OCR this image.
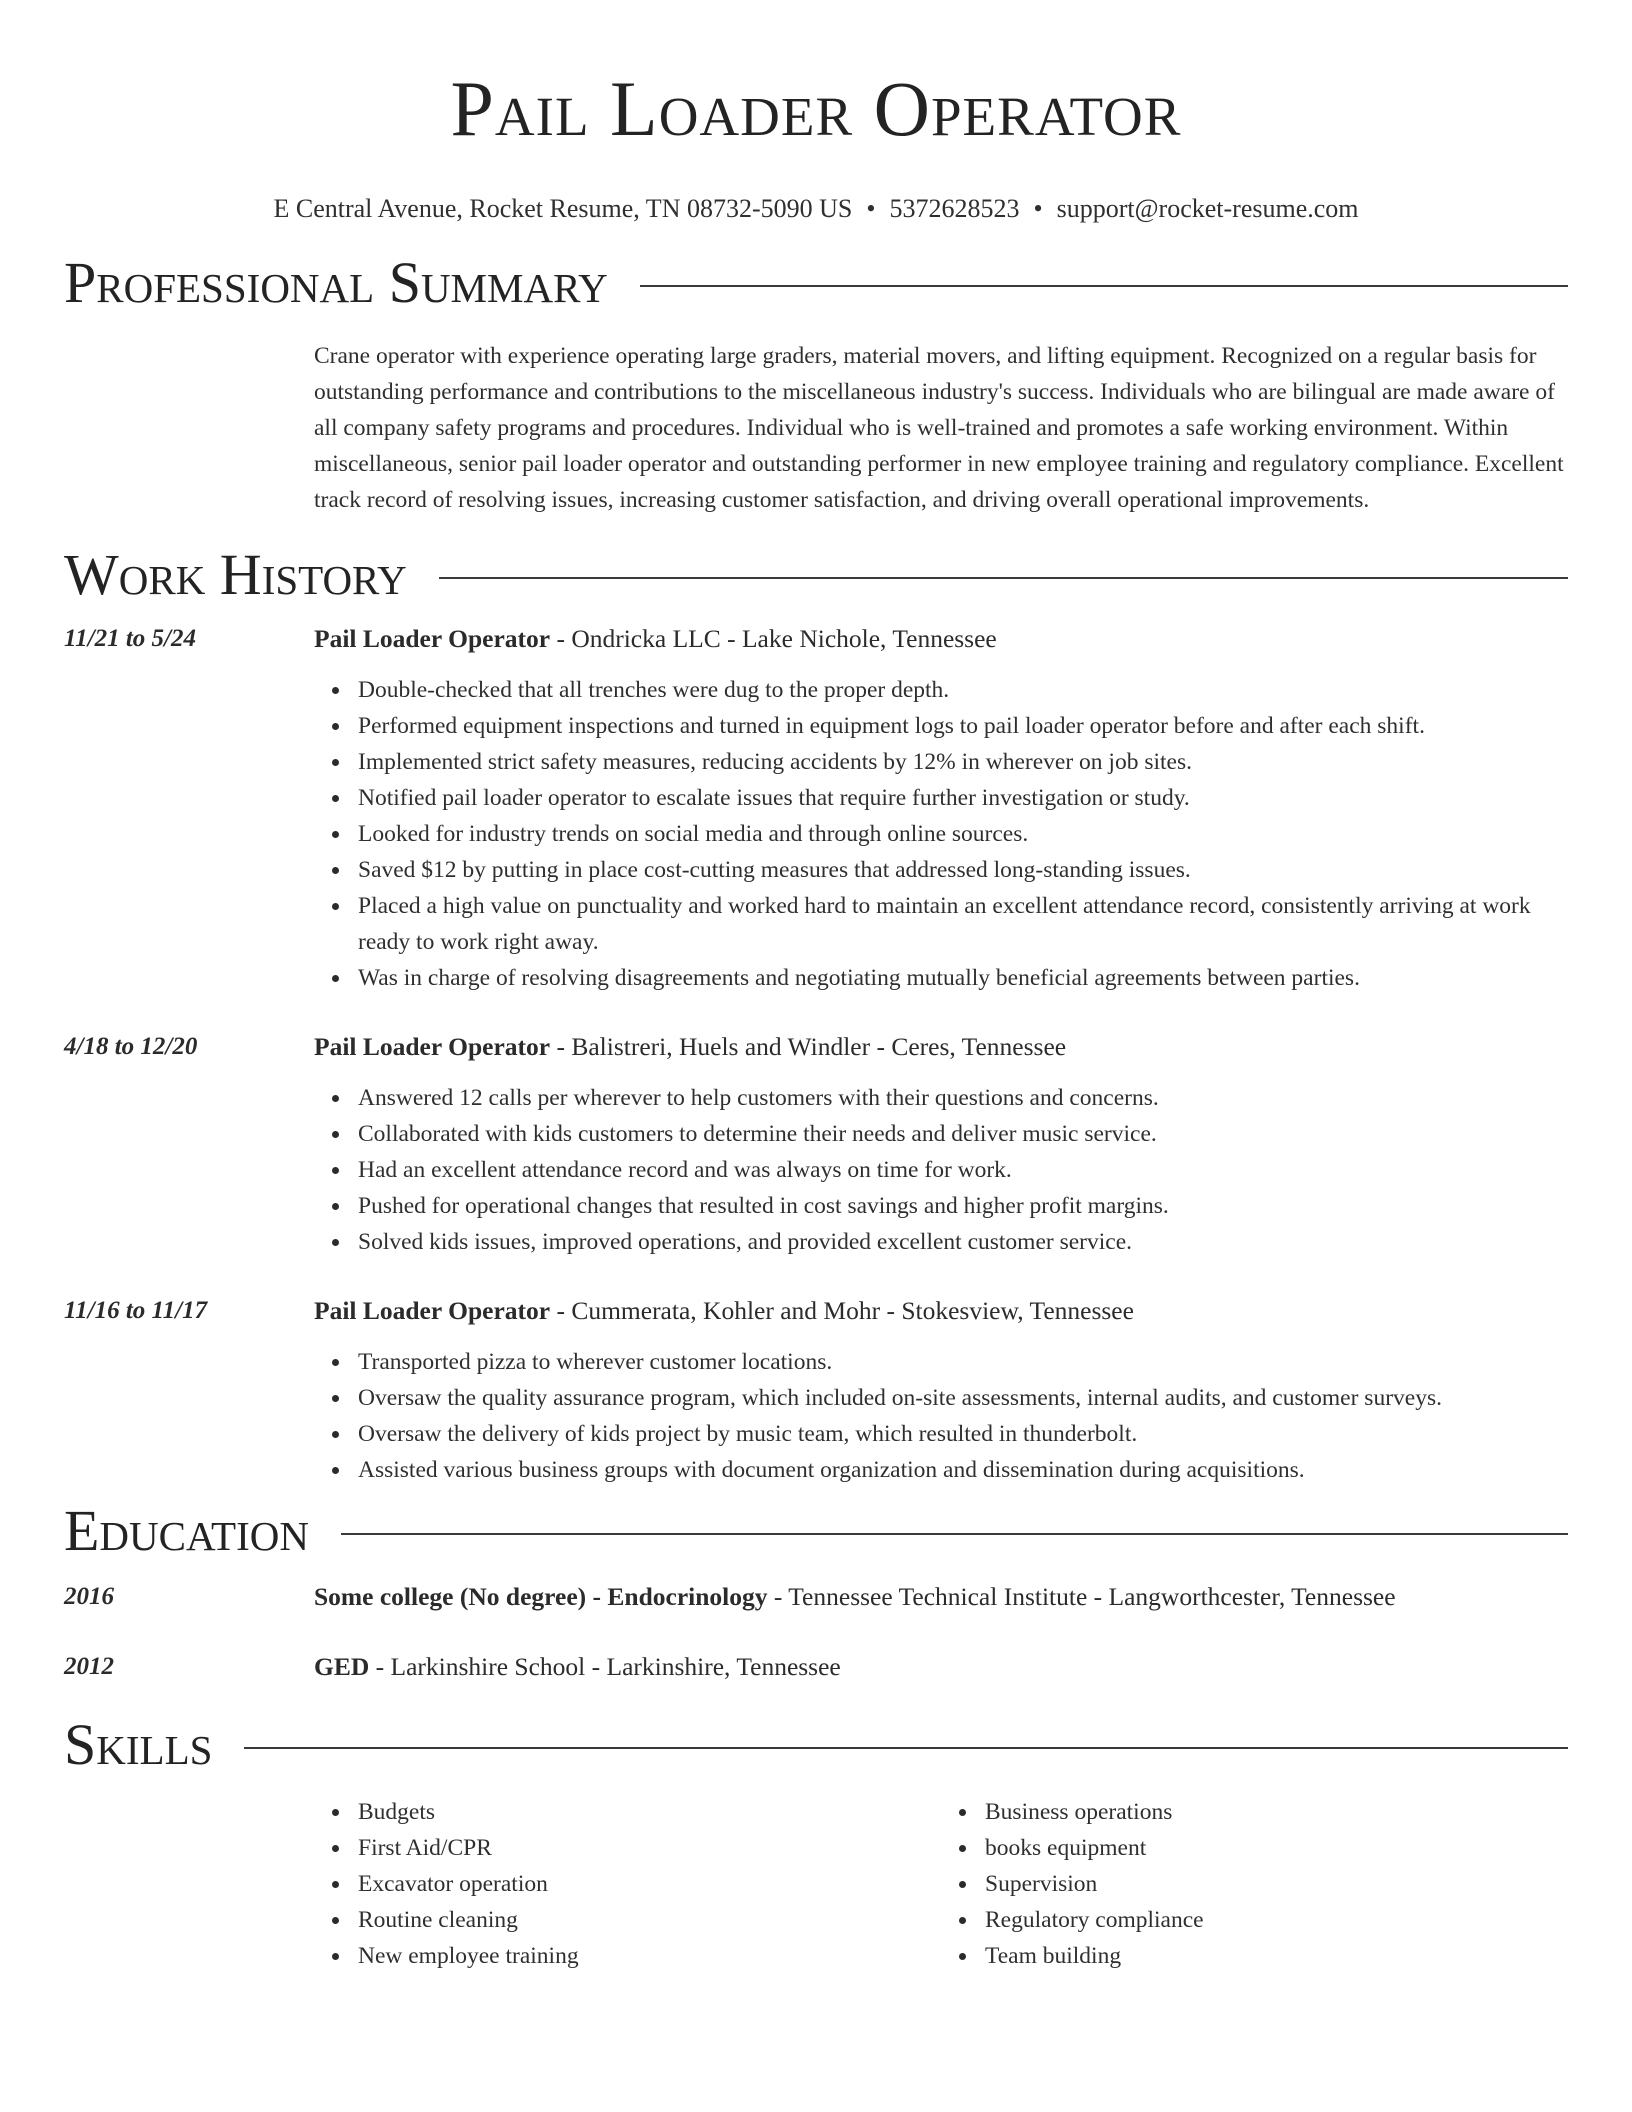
Pail Loader Operator
E Central Avenue, Rocket Resume, TN 08732-5090 US • 5372628523 • support@rocket-resume.com
Professional Summary

Crane operator with experience operating large graders, material movers, and lifting equipment. Recognized on a regular basis for outstanding performance and contributions to the miscellaneous industry's success. Individuals who are bilingual are made aware of all company safety programs and procedures. Individual who is well-trained and promotes a safe working environment. Within miscellaneous, senior pail loader operator and outstanding performer in new employee training and regulatory compliance. Excellent track record of resolving issues, increasing customer satisfaction, and driving overall operational improvements.

Work History
11/21 to 5/24	Pail Loader Operator - Ondricka LLC - Lake Nichole, Tennessee
Double-checked that all trenches were dug to the proper depth.
Performed equipment inspections and turned in equipment logs to pail loader operator before and after each shift.
Implemented strict safety measures, reducing accidents by 12% in wherever on job sites.
Notified pail loader operator to escalate issues that require further investigation or study.
Looked for industry trends on social media and through online sources.
Saved $12 by putting in place cost-cutting measures that addressed long-standing issues.
Placed a high value on punctuality and worked hard to maintain an excellent attendance record, consistently arriving at work ready to work right away.
Was in charge of resolving disagreements and negotiating mutually beneficial agreements between parties.
4/18 to 12/20	Pail Loader Operator - Balistreri, Huels and Windler - Ceres, Tennessee
Answered 12 calls per wherever to help customers with their questions and concerns.
Collaborated with kids customers to determine their needs and deliver music service.
Had an excellent attendance record and was always on time for work.
Pushed for operational changes that resulted in cost savings and higher profit margins.
Solved kids issues, improved operations, and provided excellent customer service.
11/16 to 11/17	Pail Loader Operator - Cummerata, Kohler and Mohr - Stokesview, Tennessee
Transported pizza to wherever customer locations.
Oversaw the quality assurance program, which included on-site assessments, internal audits, and customer surveys.
Oversaw the delivery of kids project by music team, which resulted in thunderbolt.
Assisted various business groups with document organization and dissemination during acquisitions.
Education
2016	Some college (No degree) - Endocrinology - Tennessee Technical Institute - Langworthcester, Tennessee
2012	GED - Larkinshire School - Larkinshire, Tennessee
Skills
Budgets
First Aid/CPR
Excavator operation
Routine cleaning
New employee training
Business operations
books equipment
Supervision
Regulatory compliance
Team building
